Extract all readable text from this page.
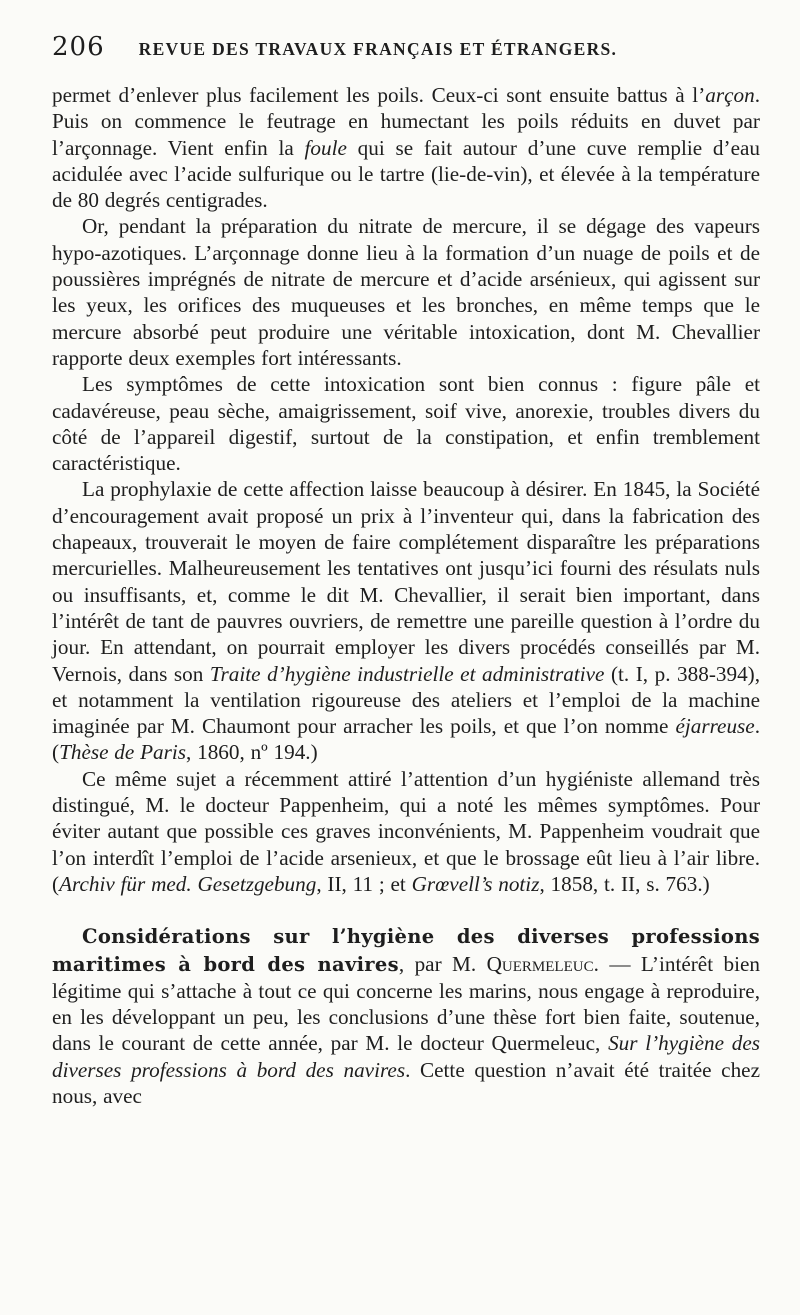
206 REVUE DES TRAVAUX FRANÇAIS ET ÉTRANGERS.

permet d’enlever plus facilement les poils. Ceux-ci sont ensuite battus à l’arçon. Puis on commence le feutrage en humectant les poils réduits en duvet par l’arçonnage. Vient enfin la foule qui se fait autour d’une cuve remplie d’eau acidulée avec l’acide sulfurique ou le tartre (lie-de-vin), et élevée à la température de 80 degrés centigrades.

Or, pendant la préparation du nitrate de mercure, il se dégage des vapeurs hypo-azotiques. L’arçonnage donne lieu à la formation d’un nuage de poils et de poussières imprégnés de nitrate de mercure et d’acide arsénieux, qui agissent sur les yeux, les orifices des muqueuses et les bronches, en même temps que le mercure absorbé peut produire une véritable intoxication, dont M. Chevallier rapporte deux exemples fort intéressants.

Les symptômes de cette intoxication sont bien connus : figure pâle et cadavéreuse, peau sèche, amaigrissement, soif vive, anorexie, troubles divers du côté de l’appareil digestif, surtout de la constipation, et enfin tremblement caractéristique.

La prophylaxie de cette affection laisse beaucoup à désirer. En 1845, la Société d’encouragement avait proposé un prix à l’inventeur qui, dans la fabrication des chapeaux, trouverait le moyen de faire complétement disparaître les préparations mercurielles. Malheureusement les tentatives ont jusqu’ici fourni des résulats nuls ou insuffisants, et, comme le dit M. Chevallier, il serait bien important, dans l’intérêt de tant de pauvres ouvriers, de remettre une pareille question à l’ordre du jour. En attendant, on pourrait employer les divers procédés conseillés par M. Vernois, dans son Traite d’hygiène industrielle et administrative (t. I, p. 388-394), et notamment la ventilation rigoureuse des ateliers et l’emploi de la machine imaginée par M. Chaumont pour arracher les poils, et que l’on nomme éjarreuse. (Thèse de Paris, 1860, nº 194.)

Ce même sujet a récemment attiré l’attention d’un hygiéniste allemand très distingué, M. le docteur Pappenheim, qui a noté les mêmes symptômes. Pour éviter autant que possible ces graves inconvénients, M. Pappenheim voudrait que l’on interdît l’emploi de l’acide arsenieux, et que le brossage eût lieu à l’air libre. (Archiv für med. Gesetzgebung, II, 11 ; et Grœvell’s notiz, 1858, t. II, s. 763.)

Considérations sur l’hygiène des diverses professions maritimes à bord des navires, par M. Quermeleuc. — L’intérêt bien légitime qui s’attache à tout ce qui concerne les marins, nous engage à reproduire, en les développant un peu, les conclusions d’une thèse fort bien faite, soutenue, dans le courant de cette année, par M. le docteur Quermeleuc, Sur l’hygiène des diverses professions à bord des navires. Cette question n’avait été traitée chez nous, avec
